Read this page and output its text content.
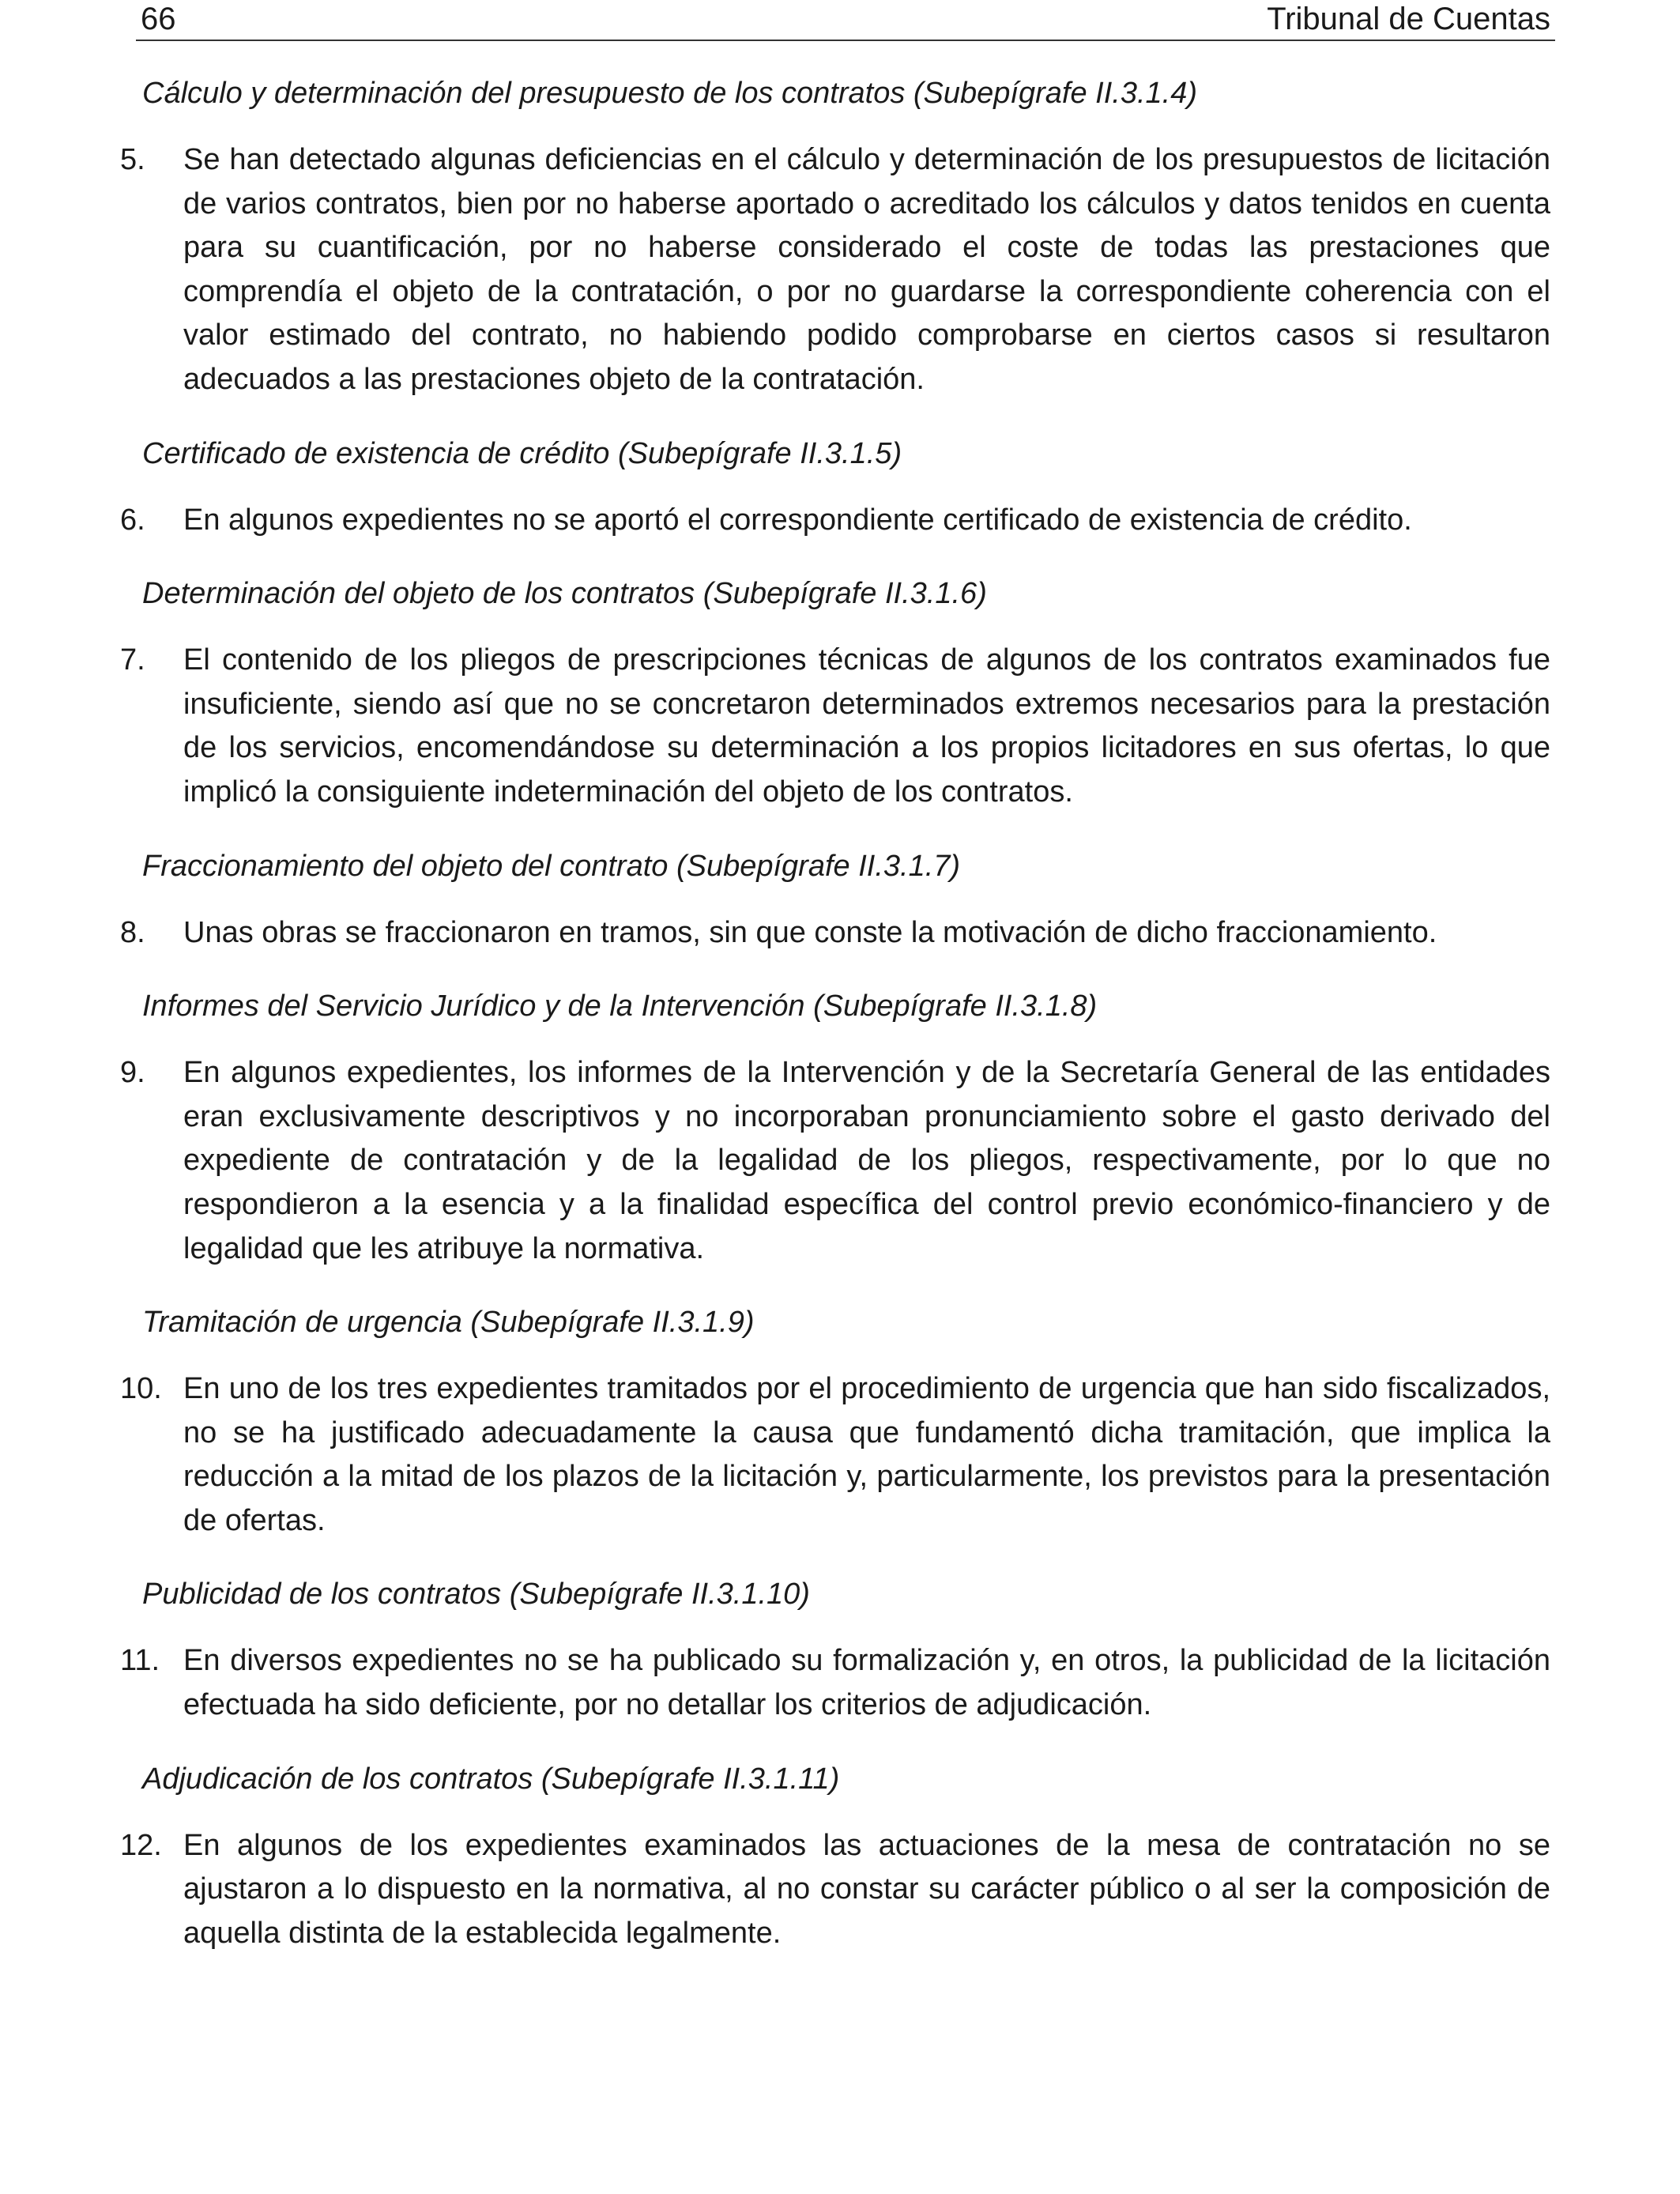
66	Tribunal de Cuentas
Cálculo y determinación del presupuesto de los contratos (Subepígrafe II.3.1.4)
5. Se han detectado algunas deficiencias en el cálculo y determinación de los presupuestos de licitación de varios contratos, bien por no haberse aportado o acreditado los cálculos y datos tenidos en cuenta para su cuantificación, por no haberse considerado el coste de todas las prestaciones que comprendía el objeto de la contratación, o por no guardarse la correspondiente coherencia con el valor estimado del contrato, no habiendo podido comprobarse en ciertos casos si resultaron adecuados a las prestaciones objeto de la contratación.

Certificado de existencia de crédito (Subepígrafe II.3.1.5)
6. En algunos expedientes no se aportó el correspondiente certificado de existencia de crédito.

Determinación del objeto de los contratos (Subepígrafe II.3.1.6)
7. El contenido de los pliegos de prescripciones técnicas de algunos de los contratos examinados fue insuficiente, siendo así que no se concretaron determinados extremos necesarios para la prestación de los servicios, encomendándose su determinación a los propios licitadores en sus ofertas, lo que implicó la consiguiente indeterminación del objeto de los contratos.

Fraccionamiento del objeto del contrato (Subepígrafe II.3.1.7)
8. Unas obras se fraccionaron en tramos, sin que conste la motivación de dicho fraccionamiento.

Informes del Servicio Jurídico y de la Intervención (Subepígrafe II.3.1.8)
9. En algunos expedientes, los informes de la Intervención y de la Secretaría General de las entidades eran exclusivamente descriptivos y no incorporaban pronunciamiento sobre el gasto derivado del expediente de contratación y de la legalidad de los pliegos, respectivamente, por lo que no respondieron a la esencia y a la finalidad específica del control previo económico-financiero y de legalidad que les atribuye la normativa.

Tramitación de urgencia (Subepígrafe II.3.1.9)
10. En uno de los tres expedientes tramitados por el procedimiento de urgencia que han sido fiscalizados, no se ha justificado adecuadamente la causa que fundamentó dicha tramitación, que implica la reducción a la mitad de los plazos de la licitación y, particularmente, los previstos para la presentación de ofertas.

Publicidad de los contratos (Subepígrafe II.3.1.10)
11. En diversos expedientes no se ha publicado su formalización y, en otros, la publicidad de la licitación efectuada ha sido deficiente, por no detallar los criterios de adjudicación.

Adjudicación de los contratos (Subepígrafe II.3.1.11)
12. En algunos de los expedientes examinados las actuaciones de la mesa de contratación no se ajustaron a lo dispuesto en la normativa, al no constar su carácter público o al ser la composición de aquella distinta de la establecida legalmente.
